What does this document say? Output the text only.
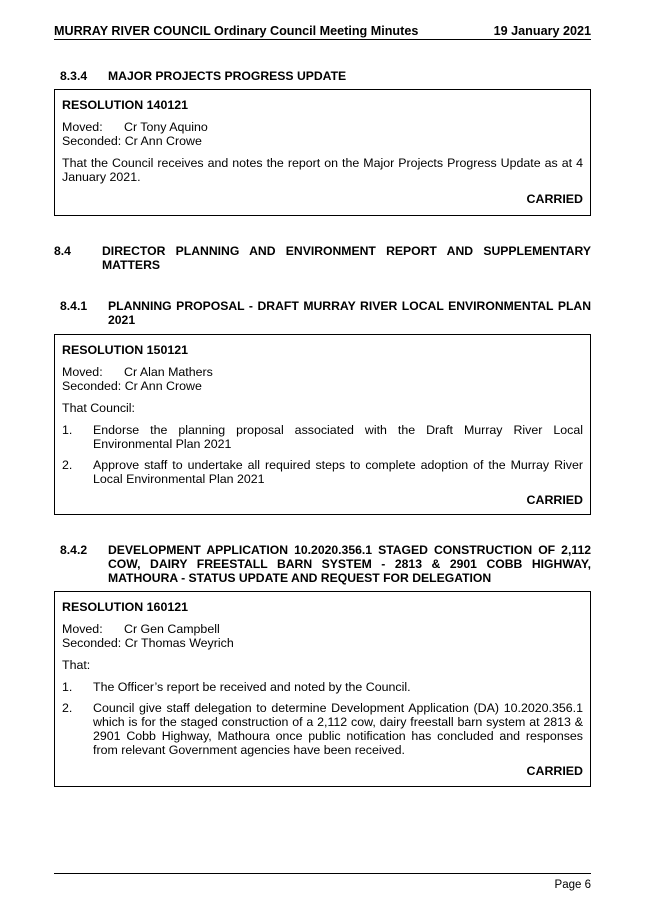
MURRAY RIVER COUNCIL Ordinary Council Meeting Minutes	19 January 2021
8.3.4 MAJOR PROJECTS PROGRESS UPDATE
RESOLUTION 140121
Moved: Cr Tony Aquino
Seconded: Cr Ann Crowe

That the Council receives and notes the report on the Major Projects Progress Update as at 4 January 2021.

CARRIED
8.4	DIRECTOR PLANNING AND ENVIRONMENT REPORT AND SUPPLEMENTARY MATTERS
8.4.1 PLANNING PROPOSAL - DRAFT MURRAY RIVER LOCAL ENVIRONMENTAL PLAN 2021
RESOLUTION 150121
Moved: Cr Alan Mathers
Seconded: Cr Ann Crowe

That Council:

1. Endorse the planning proposal associated with the Draft Murray River Local Environmental Plan 2021
2. Approve staff to undertake all required steps to complete adoption of the Murray River Local Environmental Plan 2021
CARRIED
8.4.2 DEVELOPMENT APPLICATION 10.2020.356.1 STAGED CONSTRUCTION OF 2,112 COW, DAIRY FREESTALL BARN SYSTEM - 2813 & 2901 COBB HIGHWAY, MATHOURA - STATUS UPDATE AND REQUEST FOR DELEGATION
RESOLUTION 160121
Moved: Cr Gen Campbell
Seconded: Cr Thomas Weyrich

That:

1. The Officer’s report be received and noted by the Council.
2. Council give staff delegation to determine Development Application (DA) 10.2020.356.1 which is for the staged construction of a 2,112 cow, dairy freestall barn system at 2813 & 2901 Cobb Highway, Mathoura once public notification has concluded and responses from relevant Government agencies have been received.
CARRIED
Page 6
